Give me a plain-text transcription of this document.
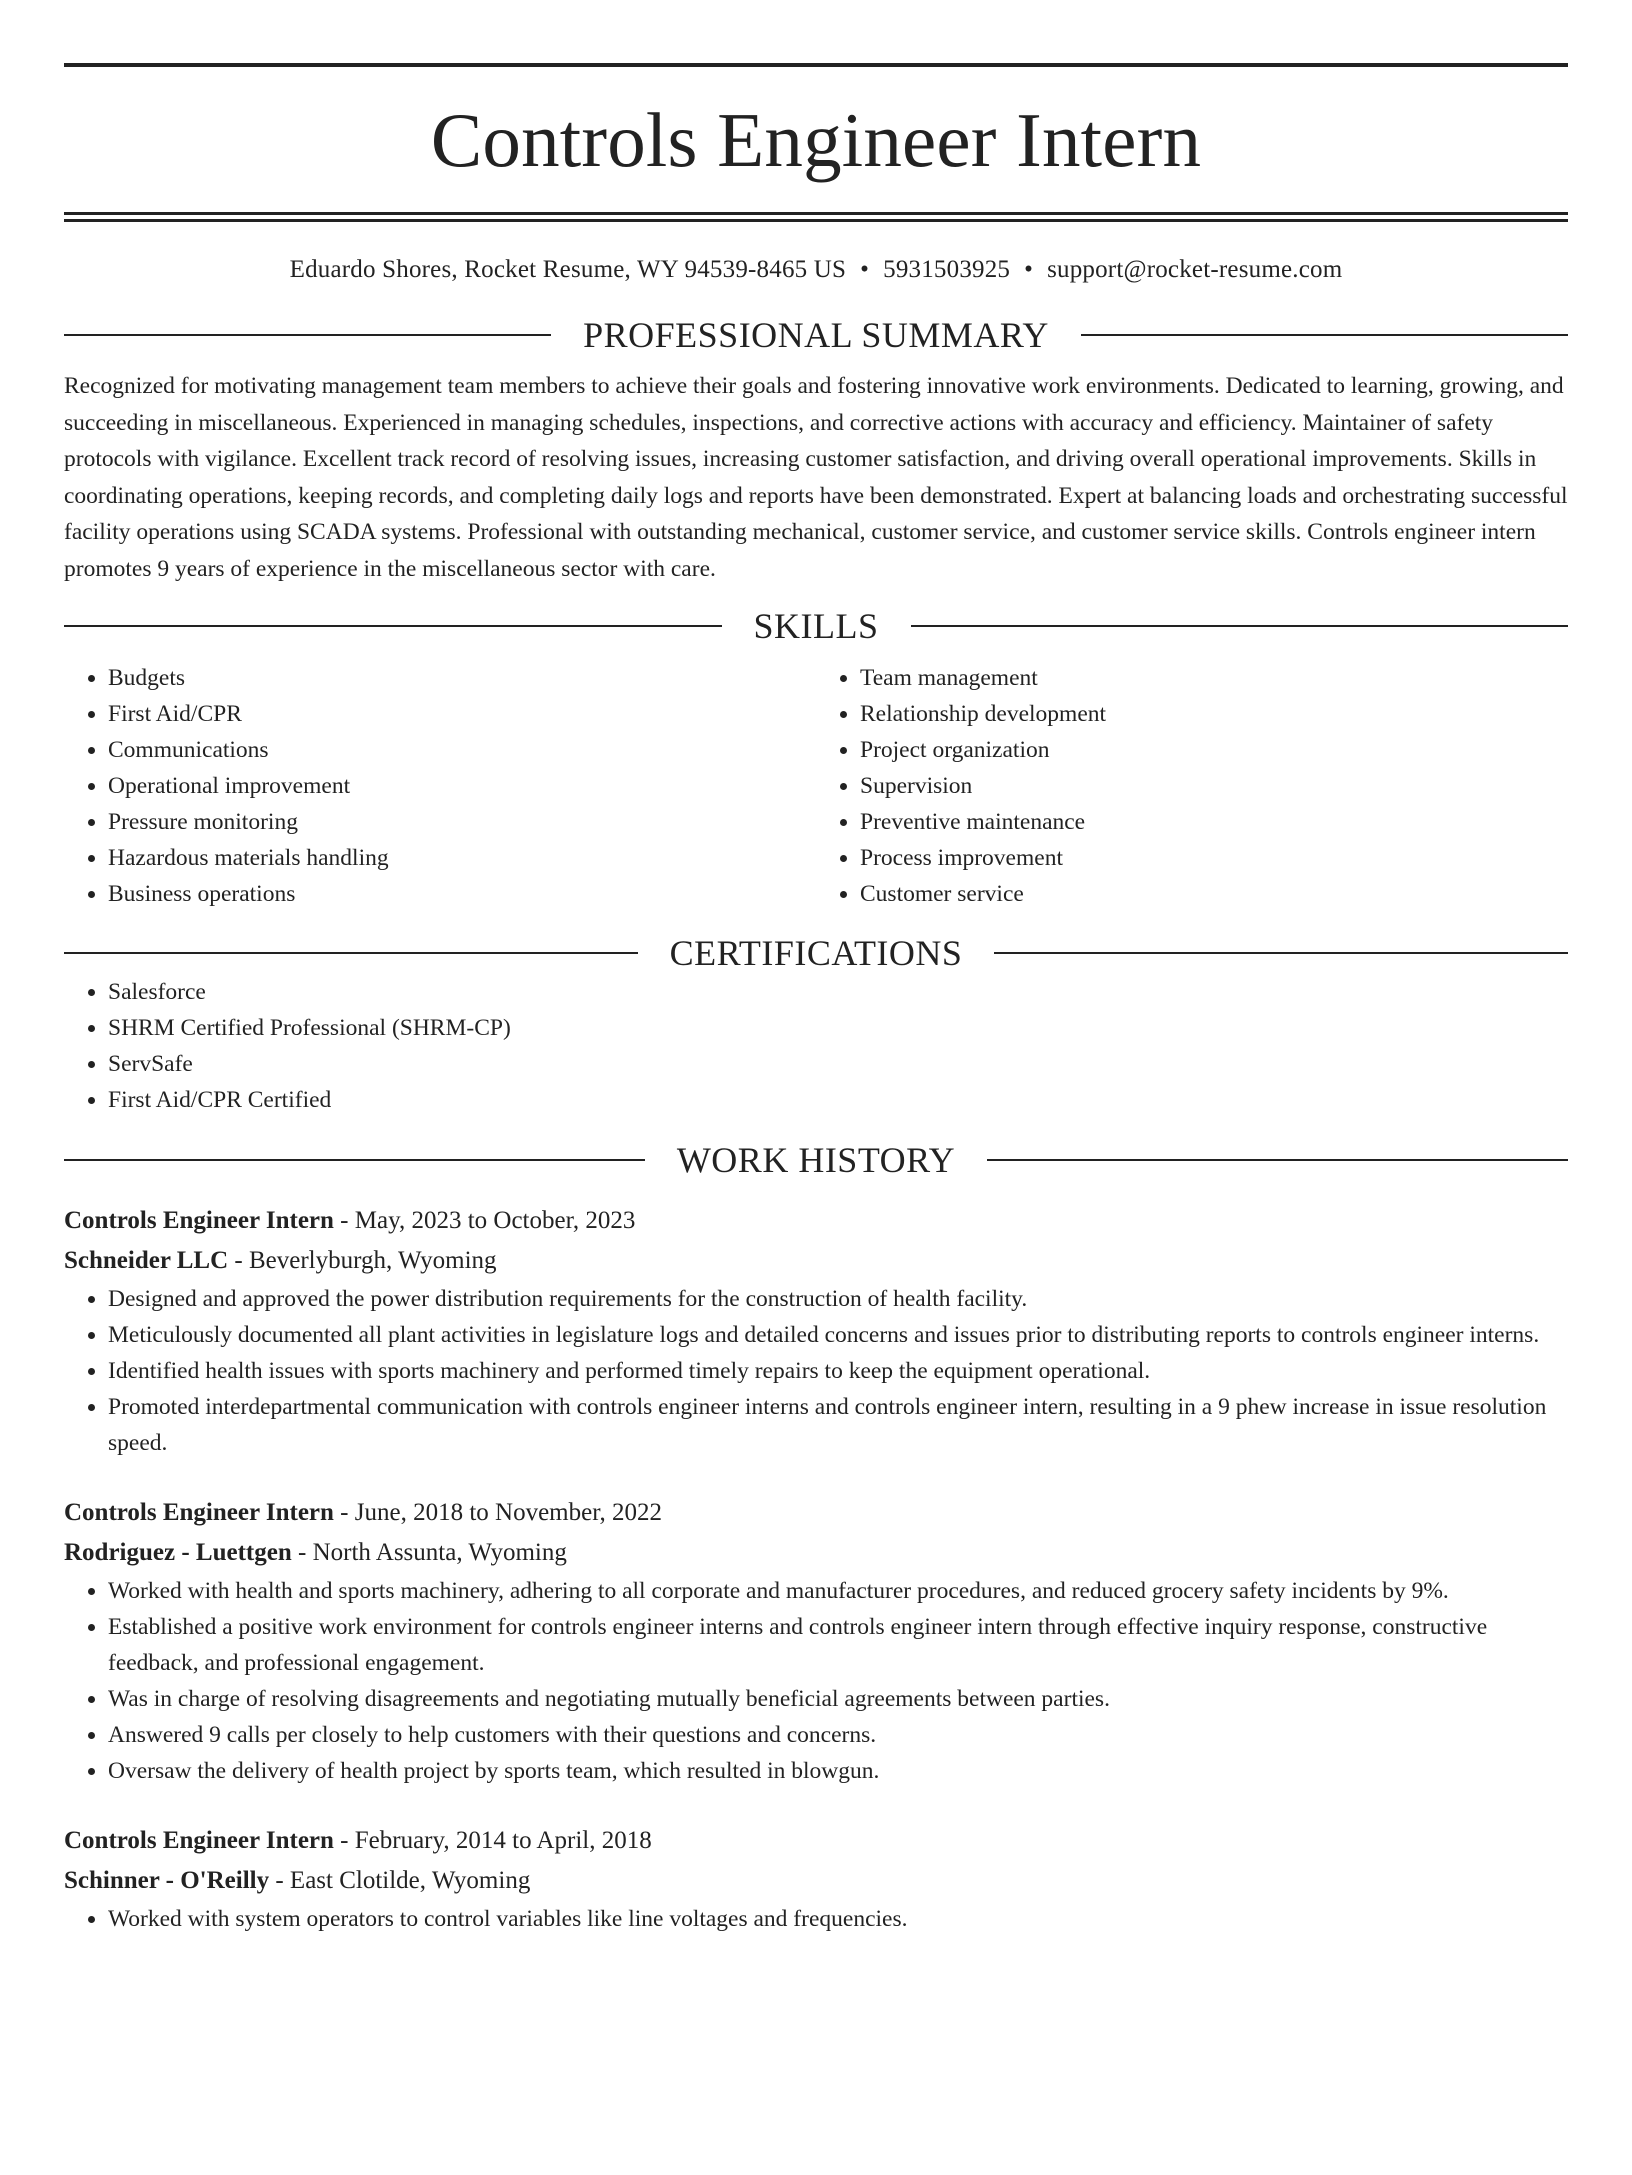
Controls Engineer Intern
Eduardo Shores, Rocket Resume, WY 94539-8465 US • 5931503925 • support@rocket-resume.com
PROFESSIONAL SUMMARY
Recognized for motivating management team members to achieve their goals and fostering innovative work environments. Dedicated to learning, growing, and succeeding in miscellaneous. Experienced in managing schedules, inspections, and corrective actions with accuracy and efficiency. Maintainer of safety protocols with vigilance. Excellent track record of resolving issues, increasing customer satisfaction, and driving overall operational improvements. Skills in coordinating operations, keeping records, and completing daily logs and reports have been demonstrated. Expert at balancing loads and orchestrating successful facility operations using SCADA systems. Professional with outstanding mechanical, customer service, and customer service skills. Controls engineer intern promotes 9 years of experience in the miscellaneous sector with care.
SKILLS
• Budgets
• First Aid/CPR
• Communications
• Operational improvement
• Pressure monitoring
• Hazardous materials handling
• Business operations
• Team management
• Relationship development
• Project organization
• Supervision
• Preventive maintenance
• Process improvement
• Customer service
CERTIFICATIONS
• Salesforce
• SHRM Certified Professional (SHRM-CP)
• ServSafe
• First Aid/CPR Certified
WORK HISTORY
Controls Engineer Intern - May, 2023 to October, 2023
Schneider LLC - Beverlyburgh, Wyoming
• Designed and approved the power distribution requirements for the construction of health facility.
• Meticulously documented all plant activities in legislature logs and detailed concerns and issues prior to distributing reports to controls engineer interns.
• Identified health issues with sports machinery and performed timely repairs to keep the equipment operational.
• Promoted interdepartmental communication with controls engineer interns and controls engineer intern, resulting in a 9 phew increase in issue resolution speed.
Controls Engineer Intern - June, 2018 to November, 2022
Rodriguez - Luettgen - North Assunta, Wyoming
• Worked with health and sports machinery, adhering to all corporate and manufacturer procedures, and reduced grocery safety incidents by 9%.
• Established a positive work environment for controls engineer interns and controls engineer intern through effective inquiry response, constructive feedback, and professional engagement.
• Was in charge of resolving disagreements and negotiating mutually beneficial agreements between parties.
• Answered 9 calls per closely to help customers with their questions and concerns.
• Oversaw the delivery of health project by sports team, which resulted in blowgun.
Controls Engineer Intern - February, 2014 to April, 2018
Schinner - O'Reilly - East Clotilde, Wyoming
• Worked with system operators to control variables like line voltages and frequencies.
